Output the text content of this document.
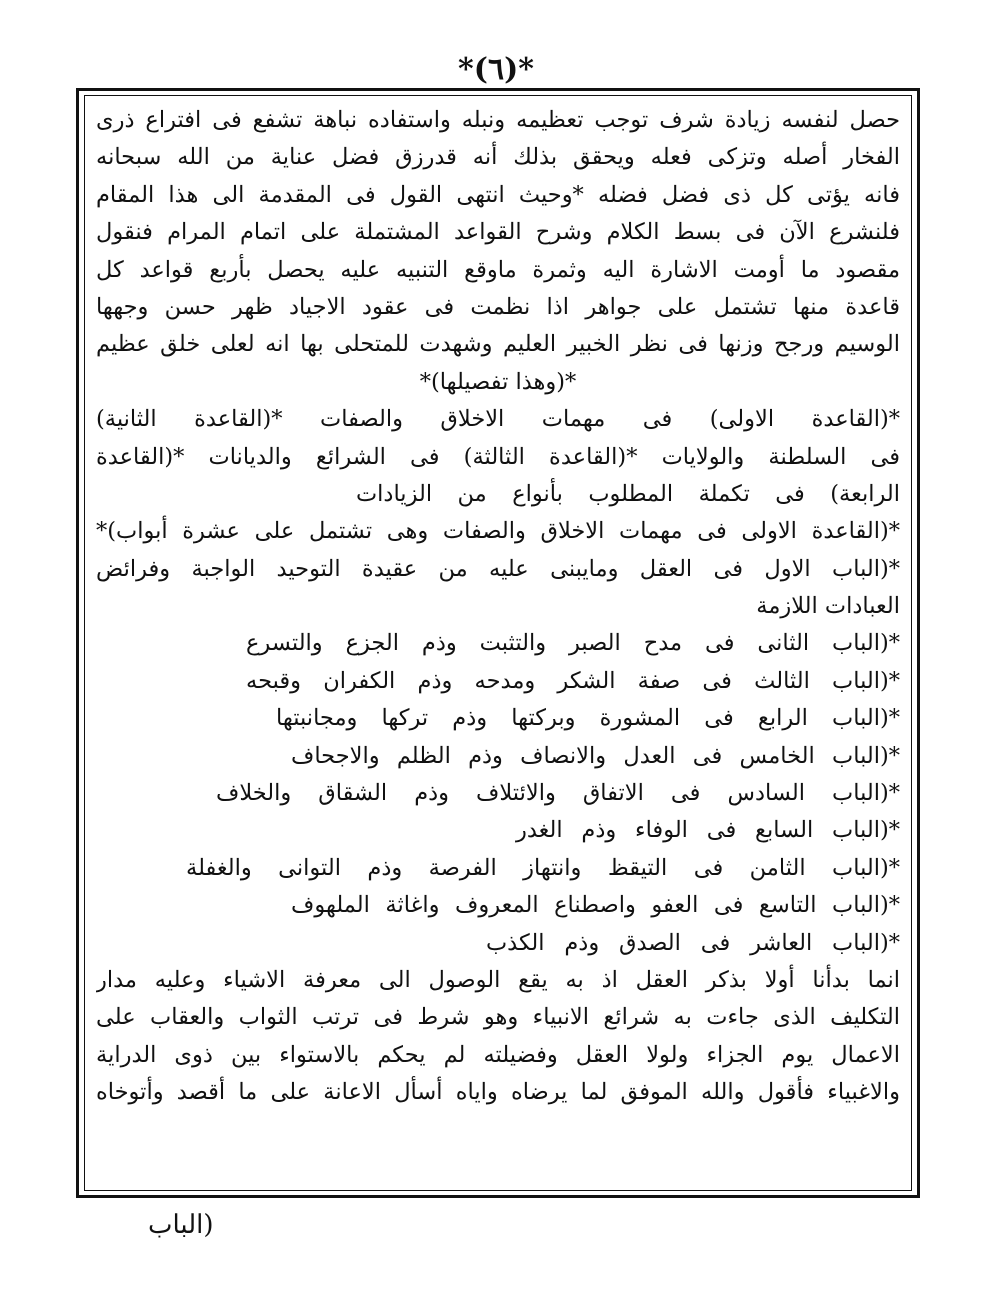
*(٦)*
حصل لنفسه زيادة شرف توجب تعظيمه ونبله واستفاده نباهة تشفع فى افتراع ذرى
الفخار أصله وتزكى فعله ويحقق بذلك أنه قدرزق فضل عناية من الله سبحانه
فانه يؤتى كل ذى فضل فضله *وحيث انتهى القول فى المقدمة الى هذا المقام
فلنشرع الآن فى بسط الكلام وشرح القواعد المشتملة على اتمام المرام فنقول
مقصود ما أومت الاشارة اليه وثمرة ماوقع التنبيه عليه يحصل بأربع قواعد كل
قاعدة منها تشتمل على جواهر اذا نظمت فى عقود الاجياد ظهر حسن وجهها
الوسيم ورجح وزنها فى نظر الخبير العليم وشهدت للمتحلى بها انه لعلى خلق عظيم
*(وهذا تفصيلها)*
*(القاعدة الاولى) فى مهمات الاخلاق والصفات *(القاعدة الثانية)
فى السلطنة والولايات *(القاعدة الثالثة) فى الشرائع والديانات *(القاعدة
الرابعة) فى تكملة المطلوب بأنواع من الزيادات
*(القاعدة الاولى فى مهمات الاخلاق والصفات وهى تشتمل على عشرة أبواب)*
*(الباب الاول فى العقل ومايبنى عليه من عقيدة التوحيد الواجبة وفرائض
العبادات اللازمة
*(الباب الثانى فى مدح الصبر والتثبت وذم الجزع والتسرع
*(الباب الثالث فى صفة الشكر ومدحه وذم الكفران وقبحه
*(الباب الرابع فى المشورة وبركتها وذم تركها ومجانبتها
*(الباب الخامس فى العدل والانصاف وذم الظلم والاجحاف
*(الباب السادس فى الاتفاق والائتلاف وذم الشقاق والخلاف
*(الباب السابع فى الوفاء وذم الغدر
*(الباب الثامن فى التيقظ وانتهاز الفرصة وذم التوانى والغفلة
*(الباب التاسع فى العفو واصطناع المعروف واغاثة الملهوف
*(الباب العاشر فى الصدق وذم الكذب
انما بدأنا أولا بذكر العقل اذ به يقع الوصول الى معرفة الاشياء وعليه مدار
التكليف الذى جاءت به شرائع الانبياء وهو شرط فى ترتب الثواب والعقاب على
الاعمال يوم الجزاء ولولا العقل وفضيلته لم يحكم بالاستواء بين ذوى الدراية
والاغبياء فأقول والله الموفق لما يرضاه واياه أسأل الاعانة على ما أقصد وأتوخاه
(الباب
